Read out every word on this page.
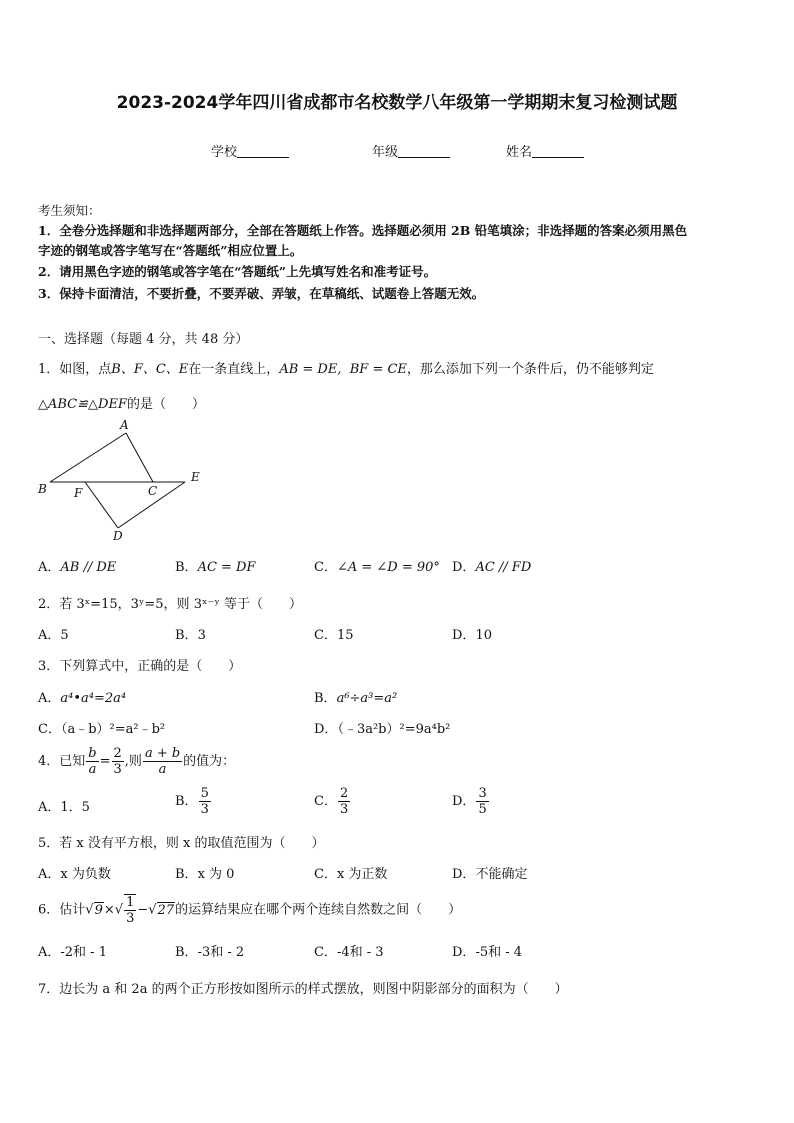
2023-2024学年四川省成都市名校数学八年级第一学期期末复习检测试题
学校	年级	姓名
考生须知：
1．全卷分选择题和非选择题两部分，全部在答题纸上作答。选择题必须用 2B 铅笔填涂；非选择题的答案必须用黑色
字迹的钢笔或答字笔写在“答题纸”相应位置上。
2．请用黑色字迹的钢笔或答字笔在“答题纸”上先填写姓名和准考证号。
3．保持卡面清洁，不要折叠，不要弄破、弄皱，在草稿纸、试题卷上答题无效。
一、选择题（每题 4 分，共 48 分）
1．如图，点B、F、C、E在一条直线上，AB = DE, BF = CE，那么添加下列一个条件后，仍不能够判定
△ABC≌△DEF的是（　　）
A
B F	C
E
D
A．AB // DE	B．AC = DF	C．∠A = ∠D = 90° D．AC // FD
2．若 3ˣ=15，3ʸ=5，则 3ˣ⁻ʸ 等于（　　）
A．5	B．3	C．15	D．10
3．下列算式中，正确的是（　　）
A．a⁴•a⁴=2a⁴	B．a⁶÷a³=a²
C．（a﹣b）²=a²﹣b²	D．（﹣3a²b）²=9a⁴b²
4．已知 $\frac{b}{a} = \frac{2}{3}$ ,则 $\frac{a + b}{a}$ 的值为：
A．1．5	B． $\frac{5}{3}$	C． $\frac{2}{3}$	D． $\frac{3}{5}$
5．若 x 没有平方根，则 x 的取值范围为（　　）
A．x 为负数	B．x 为 0	C．x 为正数	D．不能确定
6．估计$√9\times√ \frac{1}{3} -√27$的运算结果应在哪个两个连续自然数之间（　　）
A．-2和 - 1	B．-3和 - 2	C．-4和 - 3	D．-5和 - 4
7．边长为 a 和 2a 的两个正方形按如图所示的样式摆放，则图中阴影部分的面积为（　　）
